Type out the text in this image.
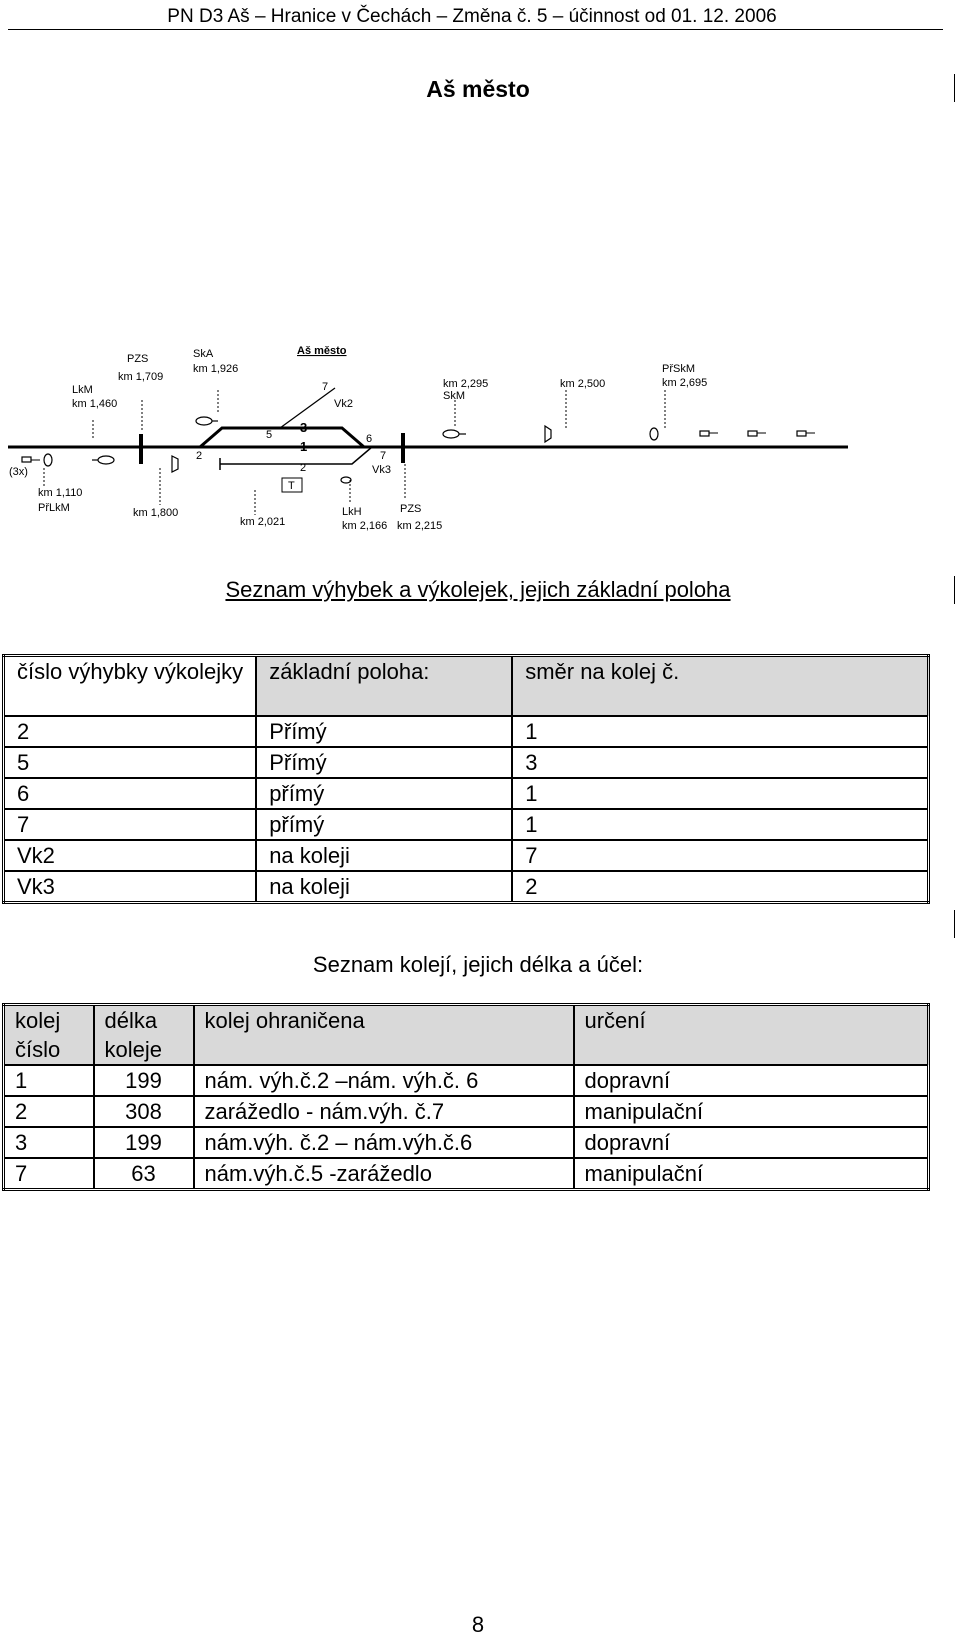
PN D3 Aš – Hranice v Čechách – Změna č. 5 – účinnost od 01. 12. 2006
Aš město
Aš město
LkM
km 1,460
PZS
km 1,709
SkA
km 1,926
km 2,295
SkM
km 2,500
PřSkM
km 2,695
(3x)
km 1,110
PřLkM	km 1,800
km 2,021
LkH
km 2,166
PZS
km 2,215
T
7
Vk2
5 3
1	6
2
2
7
Vk3
Seznam výhybek a výkolejek, jejich základní poloha
číslo výhybky výkolejky	základní poloha:	směr na kolej č.
2	Přímý	1
5	Přímý	3
6	přímý	1
7	přímý	1
Vk2	na koleji	7
Vk3	na koleji	2
Seznam kolejí, jejich délka a účel:
kolej číslo	délka koleje	kolej ohraničena	určení
1	199	nám. výh.č.2 –nám. výh.č. 6	dopravní
2	308	zarážedlo - nám.výh. č.7	manipulační
3	199	nám.výh. č.2 – nám.výh.č.6	dopravní
7	63	nám.výh.č.5 -zarážedlo	manipulační
8
